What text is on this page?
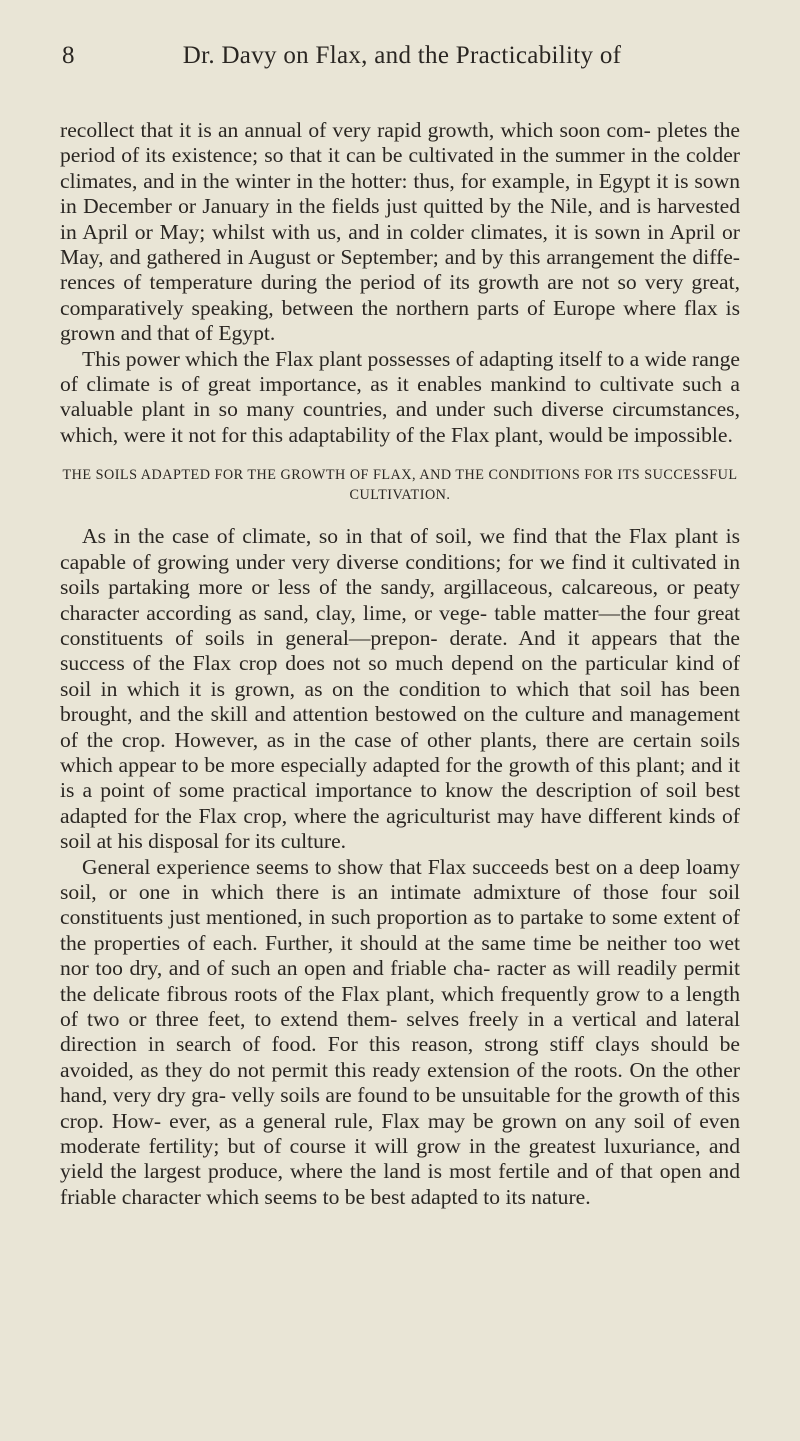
8	Dr. Davy on Flax, and the Practicability of

recollect that it is an annual of very rapid growth, which soon com- pletes the period of its existence; so that it can be cultivated in the summer in the colder climates, and in the winter in the hotter: thus, for example, in Egypt it is sown in December or January in the fields just quitted by the Nile, and is harvested in April or May; whilst with us, and in colder climates, it is sown in April or May, and gathered in August or September; and by this arrangement the diffe- rences of temperature during the period of its growth are not so very great, comparatively speaking, between the northern parts of Europe where flax is grown and that of Egypt.

This power which the Flax plant possesses of adapting itself to a wide range of climate is of great importance, as it enables mankind to cultivate such a valuable plant in so many countries, and under such diverse circumstances, which, were it not for this adaptability of the Flax plant, would be impossible.

THE SOILS ADAPTED FOR THE GROWTH OF FLAX, AND THE CONDITIONS FOR ITS SUCCESSFUL CULTIVATION.

As in the case of climate, so in that of soil, we find that the Flax plant is capable of growing under very diverse conditions; for we find it cultivated in soils partaking more or less of the sandy, argillaceous, calcareous, or peaty character according as sand, clay, lime, or vege- table matter—the four great constituents of soils in general—prepon- derate. And it appears that the success of the Flax crop does not so much depend on the particular kind of soil in which it is grown, as on the condition to which that soil has been brought, and the skill and attention bestowed on the culture and management of the crop. However, as in the case of other plants, there are certain soils which appear to be more especially adapted for the growth of this plant; and it is a point of some practical importance to know the description of soil best adapted for the Flax crop, where the agriculturist may have different kinds of soil at his disposal for its culture.

General experience seems to show that Flax succeeds best on a deep loamy soil, or one in which there is an intimate admixture of those four soil constituents just mentioned, in such proportion as to partake to some extent of the properties of each. Further, it should at the same time be neither too wet nor too dry, and of such an open and friable cha- racter as will readily permit the delicate fibrous roots of the Flax plant, which frequently grow to a length of two or three feet, to extend them- selves freely in a vertical and lateral direction in search of food. For this reason, strong stiff clays should be avoided, as they do not permit this ready extension of the roots. On the other hand, very dry gra- velly soils are found to be unsuitable for the growth of this crop. How- ever, as a general rule, Flax may be grown on any soil of even moderate fertility; but of course it will grow in the greatest luxuriance, and yield the largest produce, where the land is most fertile and of that open and friable character which seems to be best adapted to its nature.
